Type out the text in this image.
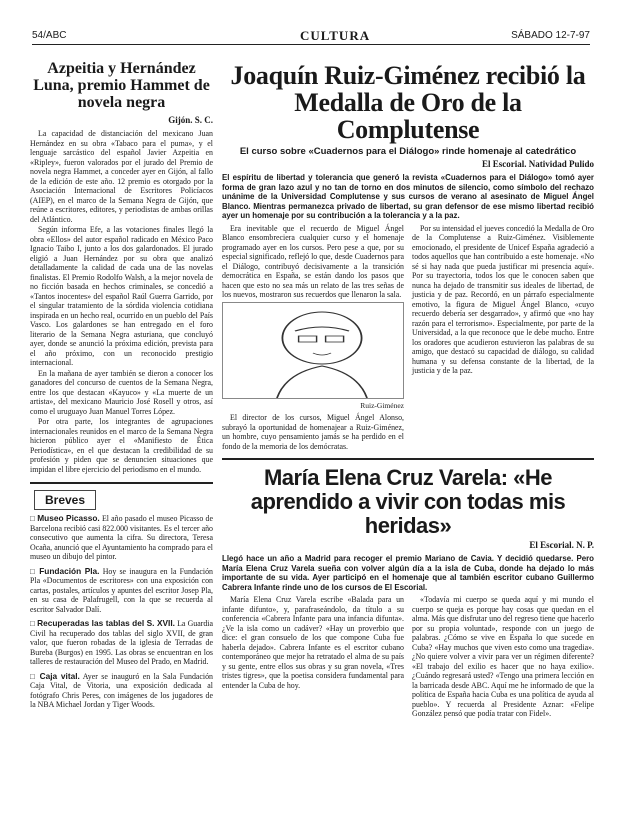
54/ABC	CULTURA	SÁBADO 12-7-97
Azpeitia y Hernández Luna, premio Hammet de novela negra
Gijón. S. C.

La capacidad de distanciación del mexicano Juan Hernández en su obra «Tabaco para el puma», y el lenguaje sarcástico del español Javier Azpeitia en «Ripley», fueron valorados por el jurado del Premio de novela negra Hammet, a conceder ayer en Gijón, al fallo de la edición de este año. 12 premio es otorgado por la Asociación Internacional de Escritores Policíacos (AIEP), en el marco de la Semana Negra de Gijón, que reúne a escritores, editores, y periodistas de ambas orillas del Atlántico.

Según informa Efe, a las votaciones finales llegó la obra «Ellos» del autor español radicado en México Paco Ignacio Taibo I, junto a los dos galardonados. El jurado eligió a Juan Hernández por su obra que analizó detalladamente la calidad de cada una de las novelas finalistas. El Premio Rodolfo Walsh, a la mejor novela de no ficción basada en hechos criminales, se concedió a «Tantos inocentes» del español Raúl Guerra Garrido, por el singular tratamiento de la sórdida violencia cotidiana inspirada en un hecho real, ocurrido en un pueblo del País Vasco. Los galardones se han entregado en el foro literario de la Semana Negra asturiana, que concluyó ayer, donde se anunció la próxima edición, prevista para el año próximo, con un reconocido prestigio internacional.

En la mañana de ayer también se dieron a conocer los ganadores del concurso de cuentos de la Semana Negra, entre los que destacan «Kayuco» y «La muerte de un artista», del mexicano Mauricio José Rosell y otros, así como el uruguayo Juan Manuel Torres López.

Por otra parte, los integrantes de agrupaciones internacionales reunidos en el marco de la Semana Negra hicieron público ayer el «Manifiesto de Ética Periodística», en el que destacan la credibilidad de su profesión y piden que se denuncien situaciones que impidan el libre ejercicio del periodismo en el mundo.

Breves
□ Museo Picasso. El año pasado el museo Picasso de Barcelona recibió casi 822.000 visitantes. Es el tercer año consecutivo que aumenta la cifra. Su directora, Teresa Ocaña, anunció que el Ayuntamiento ha comprado para el museo un dibujo del pintor.
□ Fundación Pla. Hoy se inaugura en la Fundación Pla «Documentos de escritores» con una exposición con cartas, postales, artículos y apuntes del escritor Josep Pla, en su casa de Palafrugell, con la que se recuerda al escritor Salvador Dalí.
□ Recuperadas las tablas del S. XVII. La Guardia Civil ha recuperado dos tablas del siglo XVII, de gran valor, que fueron robadas de la iglesia de Terradas de Bureba (Burgos) en 1995. Las obras se encuentran en los talleres de restauración del Museo del Prado, en Madrid.
□ Caja vital. Ayer se inauguró en la Sala Fundación Caja Vital, de Vitoria, una exposición dedicada al fotógrafo Chris Peres, con imágenes de los jugadores de la NBA Michael Jordan y Tiger Woods.
Joaquín Ruiz-Giménez recibió la Medalla de Oro de la Complutense
El curso sobre «Cuadernos para el Diálogo» rinde homenaje al catedrático
El Escorial. Natividad Pulido
El espíritu de libertad y tolerancia que generó la revista «Cuadernos para el Diálogo» tomó ayer forma de gran lazo azul y no tan de torno en dos minutos de silencio, como símbolo del rechazo unánime de la Universidad Complutense y sus cursos de verano al asesinato de Miguel Ángel Blanco. Mientras permanezca privado de libertad, su gran defensor de ese mismo libertad recibió ayer un homenaje por su contribución a la tolerancia y a la paz.

Era inevitable que el recuerdo de Miguel Ángel Blanco ensombreciera cualquier curso y el homenaje programado ayer en los cursos. Pero pese a que, por su especial significado, reflejó lo que, desde Cuadernos para el Diálogo, contribuyó decisivamente a la transición democrática en España, se están dando los pasos que hacen que esto no sea más un relato de las tres señas de los nuevos, mostraron sus recuerdos que llenaron la sala.

Ruiz-Giménez

El director de los cursos, Miguel Ángel Alonso, subrayó la oportunidad de homenajear a Ruiz-Giménez, un hombre, cuyo pensamiento jamás se ha perdido en el fondo de la memoria de los demócratas.

Por su intensidad el jueves concedió la Medalla de Oro de la Complutense a Ruiz-Giménez. Visiblemente emocionado, el presidente de Unicef España agradeció a todos aquellos que han contribuido a este homenaje. «No sé si hay nada que pueda justificar mi presencia aquí». Por su trayectoria, todos los que le conocen saben que nunca ha dejado de transmitir sus ideales de libertad, de justicia y de paz. Recordó, en un párrafo especialmente emotivo, la figura de Miguel Ángel Blanco, «cuyo recuerdo debería ser desgarrado», y afirmó que «no hay razón para el terrorismo». Especialmente, por parte de la Universidad, a la que reconoce que le debe mucho. Entre los oradores que acudieron estuvieron las palabras de su amigo, que destacó su capacidad de diálogo, su calidad humana y su defensa constante de la libertad, de la justicia y de la paz.

María Elena Cruz Varela: «He aprendido a vivir con todas mis heridas»
El Escorial. N. P.
Llegó hace un año a Madrid para recoger el premio Mariano de Cavia. Y decidió quedarse. Pero María Elena Cruz Varela sueña con volver algún día a la isla de Cuba, donde ha dejado lo más importante de su vida. Ayer participó en el homenaje que al también escritor cubano Guillermo Cabrera Infante rinde uno de los cursos de El Escorial.

María Elena Cruz Varela escribe «Balada para un infante difunto», y, parafraseándolo, da título a su conferencia «Cabrera Infante para una infancia difunta». ¿Ve la isla como un cadáver? «Hay un proverbio que dice: el gran consuelo de los que compone Cuba fue haberla dejado». Cabrera Infante es el escritor cubano contemporáneo que mejor ha retratado el alma de su país y su gente, entre ellos sus obras y su gran novela, «Tres tristes tigres», que la poetisa considera fundamental para entender la Cuba de hoy.

«Todavía mi cuerpo se queda aquí y mi mundo el cuerpo se queja es porque hay cosas que quedan en el alma. Más que disfrutar uno del regreso tiene que hacerlo por su propia voluntad», responde con un juego de palabras. ¿Cómo se vive en España lo que sucede en Cuba? «Hay muchos que viven esto como una tragedia». ¿No quiere volver a vivir para ver un régimen diferente? «El trabajo del exilio es hacer que no haya exilio». ¿Cuándo regresará usted? «Tengo una primera lección en la barricada desde ABC. Aquí me he informado de que la política de España hacia Cuba es una política de ayuda al pueblo». Y recuerda al Presidente Aznar: «Felipe González pensó que podía tratar con Fidel».
